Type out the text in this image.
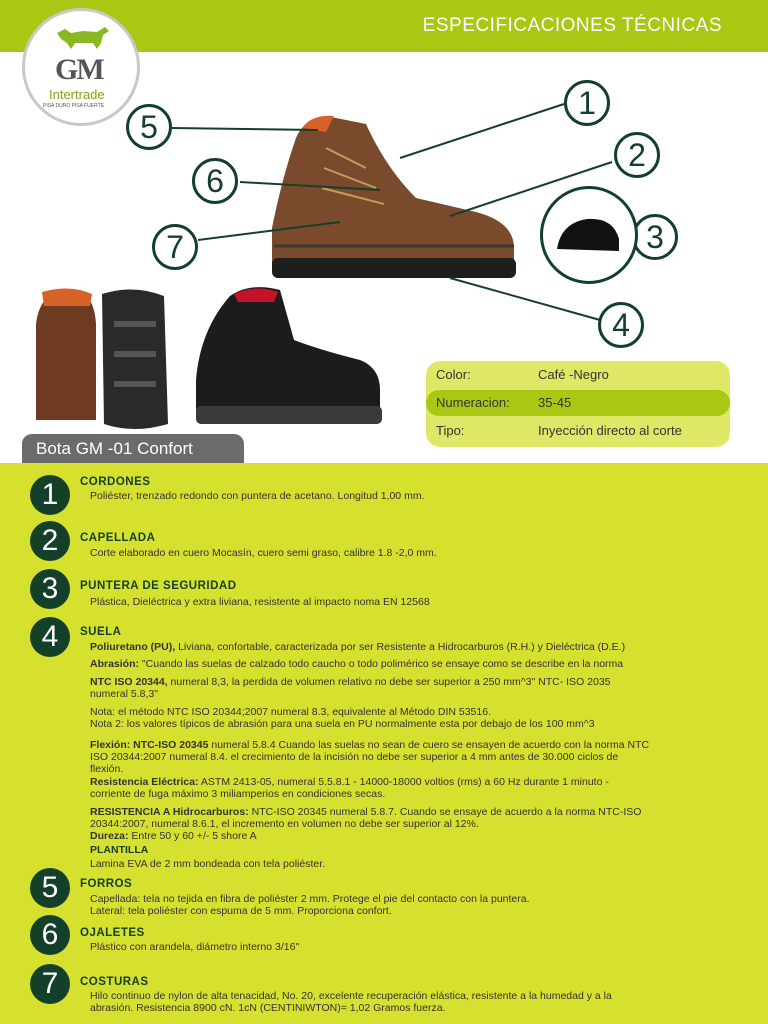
ESPECIFICACIONES TÉCNICAS
GM
Intertrade
PISA DURO PISA FUERTE
5
6
7
1
2
3
4
Color:	Café -Negro
Numeracion: 35-45
Tipo:	Inyección directo al corte
Bota GM -01 Confort
1	CORDONES
Poliéster, trenzado redondo con puntera de acetano. Longitud 1,00 mm.
2	CAPELLADA
Corte elaborado en cuero Mocasín, cuero semi graso, calibre 1.8 -2,0 mm.
3	PUNTERA DE SEGURIDAD
Plástica, Dieléctrica y extra liviana, resistente al impacto noma EN 12568
4	SUELA
Poliuretano (PU), Liviana, confortable, caracterizada por ser Resistente a Hidrocarburos (R.H.) y Dieléctrica (D.E.)
Abrasión: "Cuando las suelas de calzado todo caucho o todo polimérico se ensaye como se describe en la norma
NTC ISO 20344, numeral 8,3, la perdida de volumen relativo no debe ser superior a 250 mm^3" NTC- ISO 2035
numeral 5.8,3"
Nota: el método NTC ISO 20344;2007 numeral 8.3, equivalente al Método DIN 53516.
Nota 2: los valores típicos de abrasión para una suela en PU normalmente esta por debajo de los 100 mm^3
Flexión: NTC-ISO 20345 numeral 5.8.4 Cuando las suelas no sean de cuero se ensayen de acuerdo con la norma NTC
ISO 20344:2007 numeral 8.4. el crecimiento de la incisión no debe ser superior a 4 mm antes de 30.000 ciclos de
flexión.
Resistencia Eléctrica: ASTM 2413-05, numeral 5.5.8.1 - 14000-18000 voltios (rms) a 60 Hz durante 1 minuto -
corriente de fuga máximo 3 miliamperios en condiciones secas.
RESISTENCIA A Hidrocarburos: NTC-ISO 20345 numeral 5.8.7. Cuando se ensaye de acuerdo a la norma NTC-ISO
20344:2007, numeral 8.6.1, el incremento en volumen no debe ser superior al 12%.
Dureza: Entre 50 y 60 +/- 5 shore A
PLANTILLA
Lamina EVA de 2 mm bondeada con tela poliéster.
5	FORROS
Capellada: tela no tejida en fibra de poliéster 2 mm. Protege el pie del contacto con la puntera.
Lateral: tela poliéster con espuma de 5 mm. Proporciona confort.
6	OJALETES
Plástico con arandela, diámetro interno 3/16"
7	COSTURAS
Hilo continuo de nylon de alta tenacidad, No. 20, excelente recuperación elástica, resistente a la humedad y a la
abrasión. Resistencia 8900 cN. 1cN (CENTINIWTON)= 1,02 Gramos fuerza.
